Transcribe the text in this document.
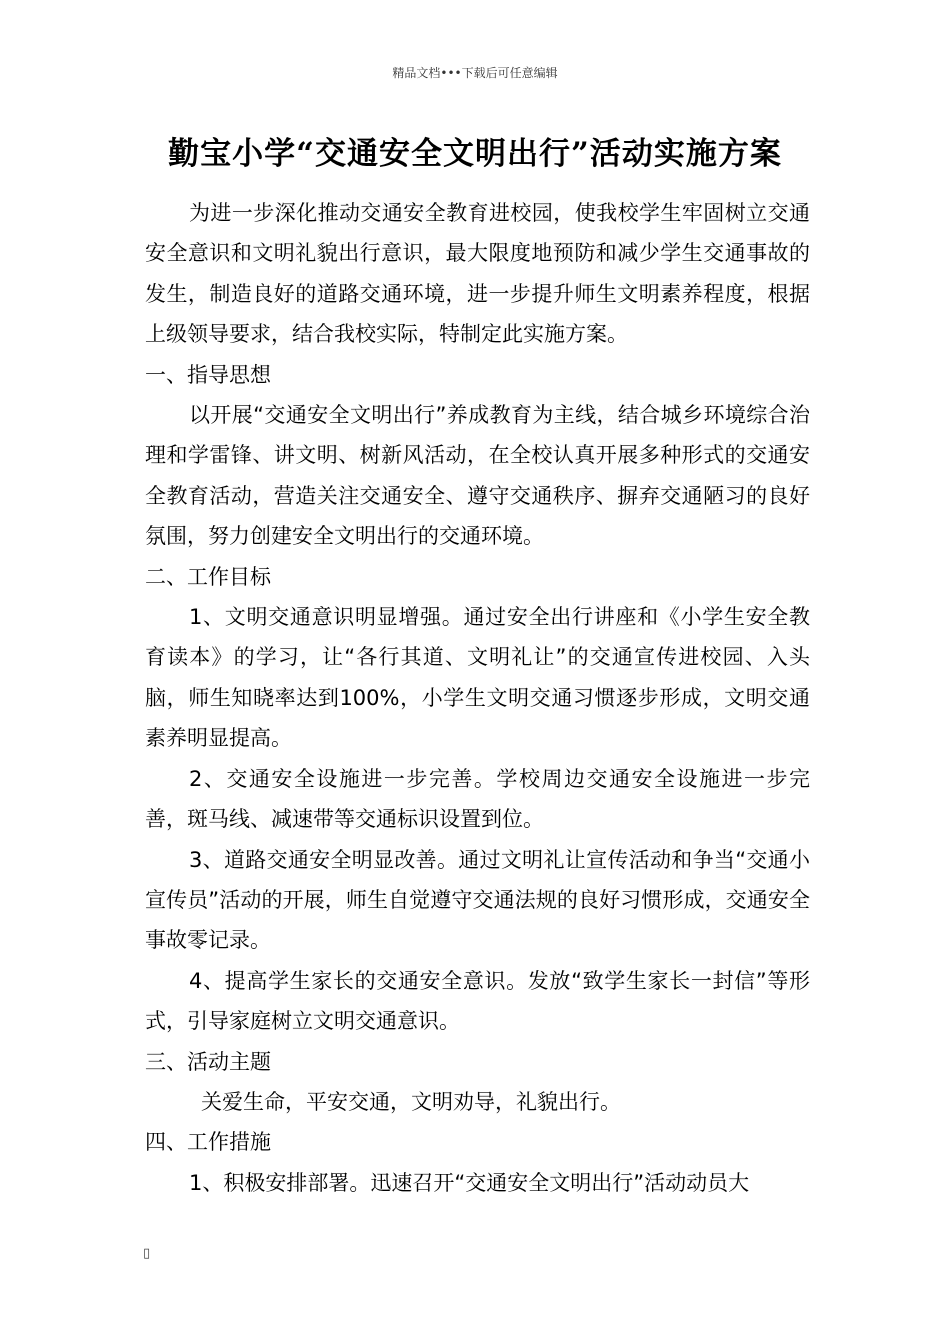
精品文档•••下载后可任意编辑
勤宝小学“交通安全文明出行”活动实施方案

为进一步深化推动交通安全教育进校园，使我校学生牢固树立交通安全意识和文明礼貌出行意识，最大限度地预防和减少学生交通事故的发生，制造良好的道路交通环境，进一步提升师生文明素养程度，根据上级领导要求，结合我校实际，特制定此实施方案。

一、指导思想

以开展“交通安全文明出行”养成教育为主线，结合城乡环境综合治理和学雷锋、讲文明、树新风活动，在全校认真开展多种形式的交通安全教育活动，营造关注交通安全、遵守交通秩序、摒弃交通陋习的良好氛围，努力创建安全文明出行的交通环境。

二、工作目标

1、文明交通意识明显增强。通过安全出行讲座和《小学生安全教育读本》的学习，让“各行其道、文明礼让”的交通宣传进校园、入头脑，师生知晓率达到100%，小学生文明交通习惯逐步形成，文明交通素养明显提高。

2、交通安全设施进一步完善。学校周边交通安全设施进一步完善，斑马线、减速带等交通标识设置到位。

3、道路交通安全明显改善。通过文明礼让宣传活动和争当“交通小宣传员”活动的开展，师生自觉遵守交通法规的良好习惯形成，交通安全事故零记录。

4、提高学生家长的交通安全意识。发放“致学生家长一封信”等形式，引导家庭树立文明交通意识。

三、活动主题

关爱生命，平安交通，文明劝导，礼貌出行。

四、工作措施

1、积极安排部署。迅速召开“交通安全文明出行”活动动员大

▯
